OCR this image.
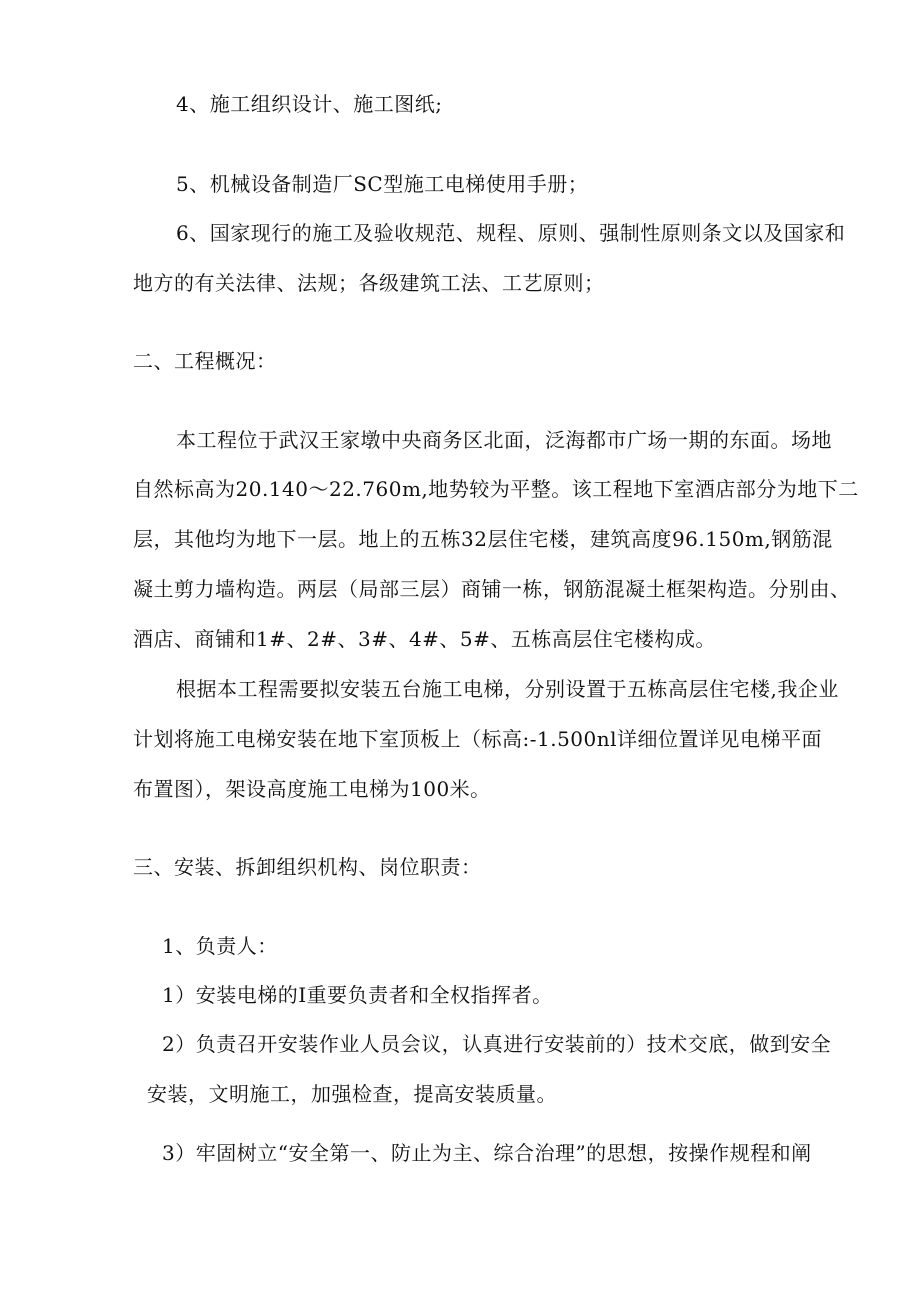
4、施工组织设计、施工图纸;
5、机械设备制造厂SC型施工电梯使用手册；
6、国家现行的施工及验收规范、规程、原则、强制性原则条文以及国家和
地方的有关法律、法规；各级建筑工法、工艺原则；
二、工程概况：
本工程位于武汉王家墩中央商务区北面，泛海都市广场一期的东面。场地
自然标高为20.140～22.760m,地势较为平整。该工程地下室酒店部分为地下二
层，其他均为地下一层。地上的五栋32层住宅楼，建筑高度96.150m,钢筋混
凝土剪力墙构造。两层（局部三层）商铺一栋，钢筋混凝土框架构造。分别由、
酒店、商铺和1#、2#、3#、4#、5#、五栋高层住宅楼构成。
根据本工程需要拟安装五台施工电梯，分别设置于五栋高层住宅楼,我企业
计划将施工电梯安装在地下室顶板上（标高:-1.500nl详细位置详见电梯平面
布置图），架设高度施工电梯为100米。
三、安装、拆卸组织机构、岗位职责：
1、负责人：
1）安装电梯的I重要负责者和全权指挥者。
2）负责召开安装作业人员会议，认真进行安装前的）技术交底，做到安全
安装，文明施工，加强检查，提高安装质量。
3）牢固树立“安全第一、防止为主、综合治理”的思想，按操作规程和阐
